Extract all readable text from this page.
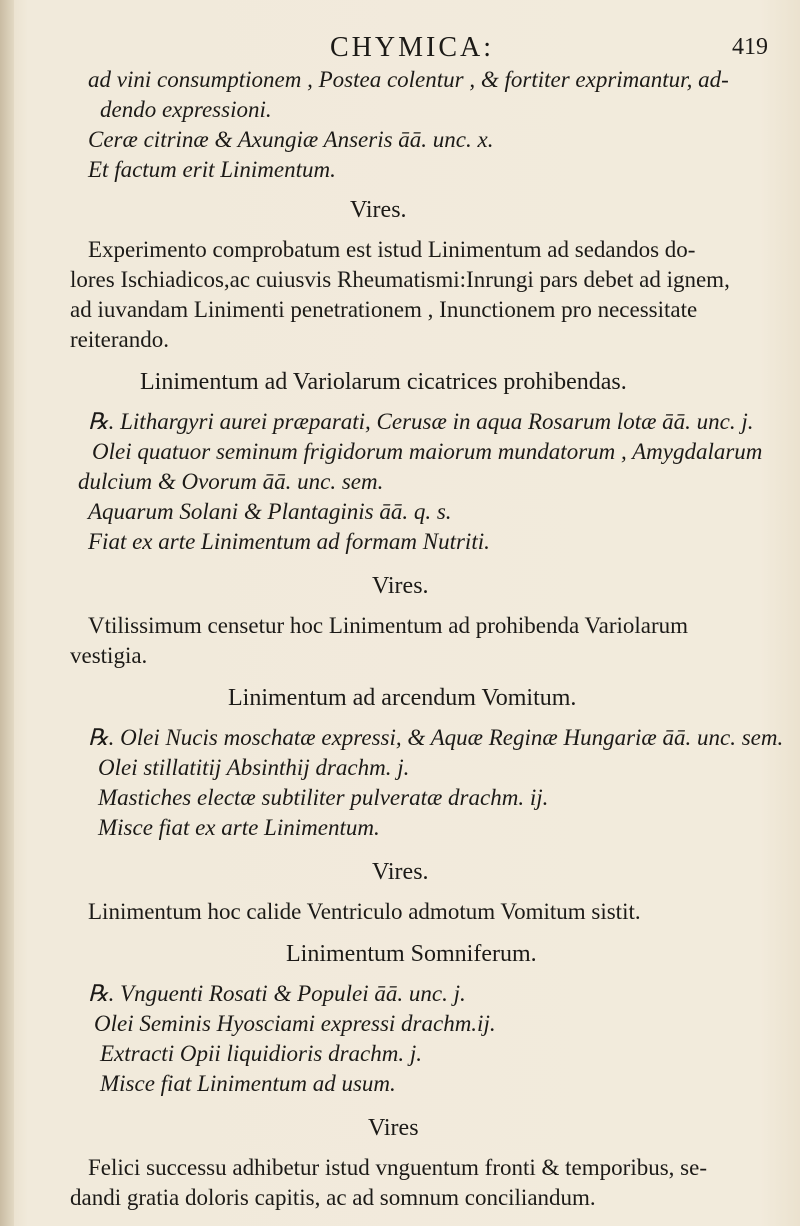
CHYMICA:	419
ad vini consumptionem , Postea colentur , & fortiter exprimantur, ad-
dendo expressioni.
Ceræ citrinæ & Axungiæ Anseris āā. unc. x.
Et factum erit Linimentum.
Vires.
Experimento comprobatum est istud Linimentum ad sedandos do-
lores Ischiadicos,ac cuiusvis Rheumatismi:Inrungi pars debet ad ignem,
ad iuvandam Linimenti penetrationem , Inunctionem pro necessitate
reiterando.
Linimentum ad Variolarum cicatrices prohibendas.
℞. Lithargyri aurei præparati, Cerusæ in aqua Rosarum lotæ āā. unc. j.
Olei quatuor seminum frigidorum maiorum mundatorum , Amygdalarum
dulcium & Ovorum āā. unc. sem.
Aquarum Solani & Plantaginis āā. q. s.
Fiat ex arte Linimentum ad formam Nutriti.
Vires.
Vtilissimum censetur hoc Linimentum ad prohibenda Variolarum
vestigia.
Linimentum ad arcendum Vomitum.
℞. Olei Nucis moschatæ expressi, & Aquæ Reginæ Hungariæ āā. unc. sem.
Olei stillatitij Absinthij drachm. j.
Mastiches electæ subtiliter pulveratæ drachm. ij.
Misce fiat ex arte Linimentum.
Vires.
Linimentum hoc calide Ventriculo admotum Vomitum sistit.
Linimentum Somniferum.
℞. Vnguenti Rosati & Populei āā. unc. j.
Olei Seminis Hyosciami expressi drachm.ij.
Extracti Opii liquidioris drachm. j.
Misce fiat Linimentum ad usum.
Vires
Felici successu adhibetur istud vnguentum fronti & temporibus, se-
dandi gratia doloris capitis, ac ad somnum conciliandum.
